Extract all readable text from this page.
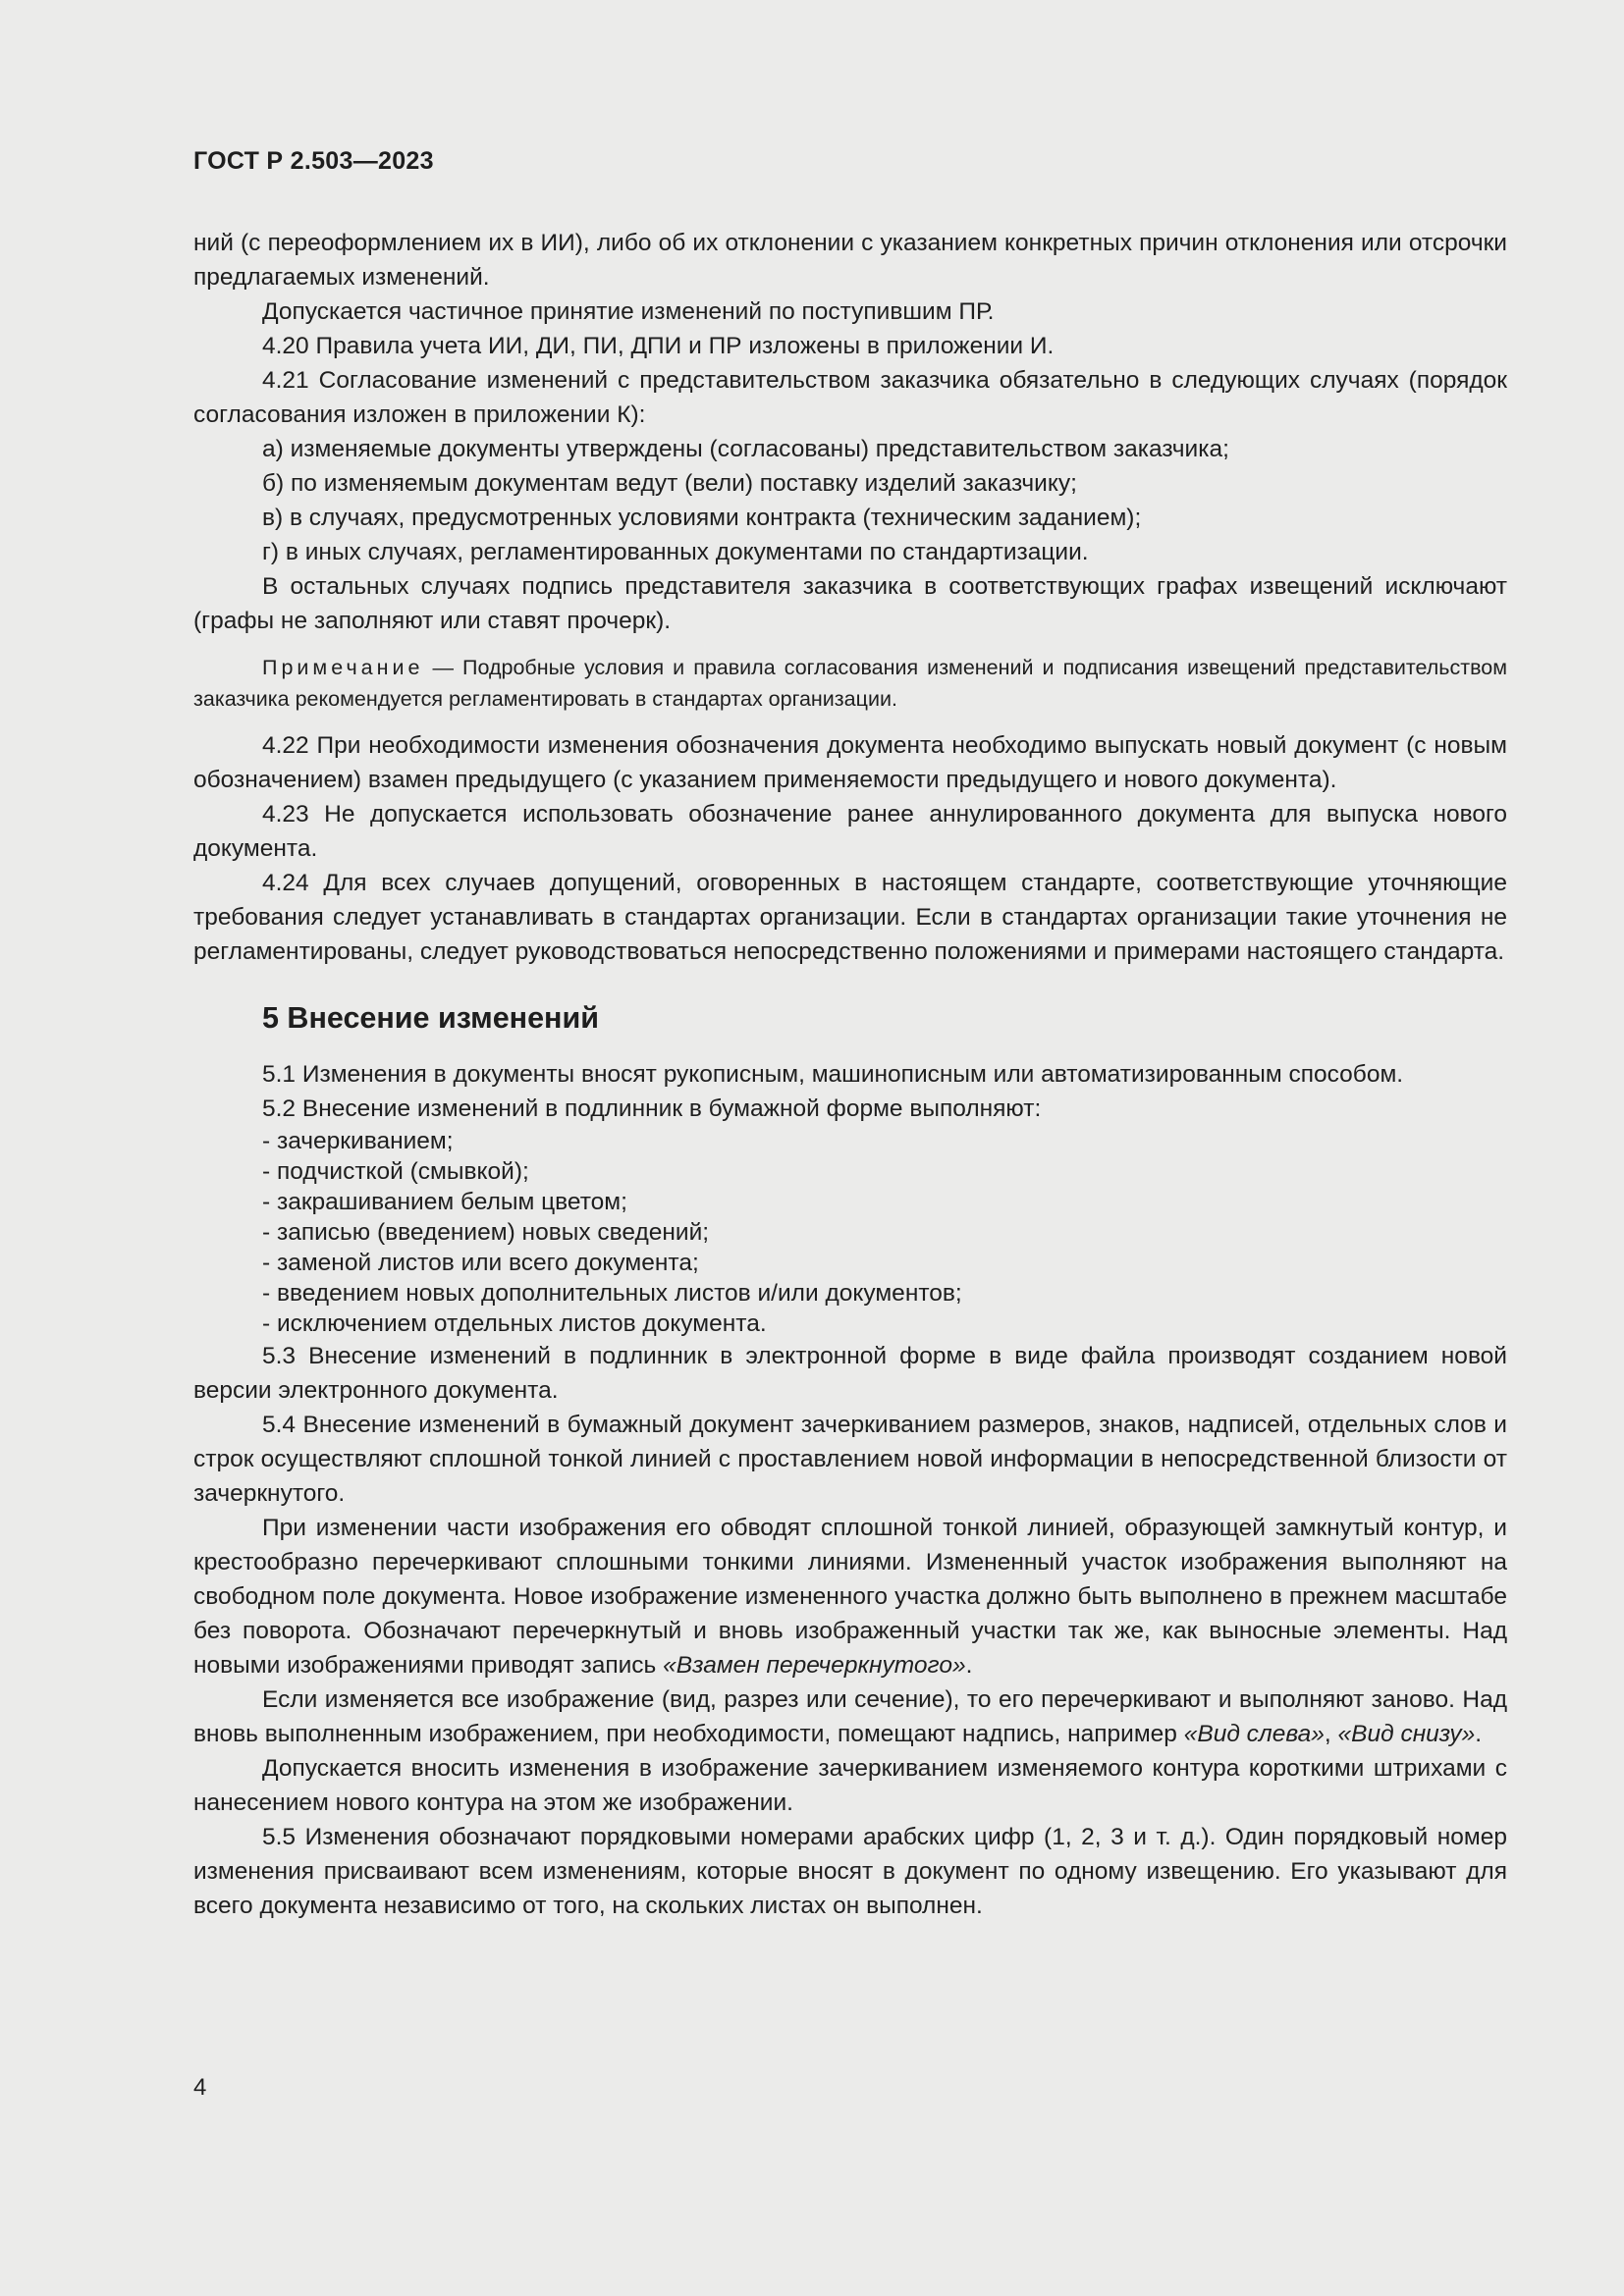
ГОСТ Р 2.503—2023

ний (с переоформлением их в ИИ), либо об их отклонении с указанием конкретных причин отклонения или отсрочки предлагаемых изменений.

Допускается частичное принятие изменений по поступившим ПР.

4.20 Правила учета ИИ, ДИ, ПИ, ДПИ и ПР изложены в приложении И.

4.21 Согласование изменений с представительством заказчика обязательно в следующих случаях (порядок согласования изложен в приложении К):

а) изменяемые документы утверждены (согласованы) представительством заказчика;

б) по изменяемым документам ведут (вели) поставку изделий заказчику;

в) в случаях, предусмотренных условиями контракта (техническим заданием);

г) в иных случаях, регламентированных документами по стандартизации.

В остальных случаях подпись представителя заказчика в соответствующих графах извещений исключают (графы не заполняют или ставят прочерк).

Примечание — Подробные условия и правила согласования изменений и подписания извещений представительством заказчика рекомендуется регламентировать в стандартах организации.

4.22 При необходимости изменения обозначения документа необходимо выпускать новый документ (с новым обозначением) взамен предыдущего (с указанием применяемости предыдущего и нового документа).

4.23 Не допускается использовать обозначение ранее аннулированного документа для выпуска нового документа.

4.24 Для всех случаев допущений, оговоренных в настоящем стандарте, соответствующие уточняющие требования следует устанавливать в стандартах организации. Если в стандартах организации такие уточнения не регламентированы, следует руководствоваться непосредственно положениями и примерами настоящего стандарта.

5 Внесение изменений

5.1 Изменения в документы вносят рукописным, машинописным или автоматизированным способом.

5.2 Внесение изменений в подлинник в бумажной форме выполняют:

- зачеркиванием;

- подчисткой (смывкой);

- закрашиванием белым цветом;

- записью (введением) новых сведений;

- заменой листов или всего документа;

- введением новых дополнительных листов и/или документов;

- исключением отдельных листов документа.

5.3 Внесение изменений в подлинник в электронной форме в виде файла производят созданием новой версии электронного документа.

5.4 Внесение изменений в бумажный документ зачеркиванием размеров, знаков, надписей, отдельных слов и строк осуществляют сплошной тонкой линией с проставлением новой информации в непосредственной близости от зачеркнутого.

При изменении части изображения его обводят сплошной тонкой линией, образующей замкнутый контур, и крестообразно перечеркивают сплошными тонкими линиями. Измененный участок изображения выполняют на свободном поле документа. Новое изображение измененного участка должно быть выполнено в прежнем масштабе без поворота. Обозначают перечеркнутый и вновь изображенный участки так же, как выносные элементы. Над новыми изображениями приводят запись «Взамен перечеркнутого».

Если изменяется все изображение (вид, разрез или сечение), то его перечеркивают и выполняют заново. Над вновь выполненным изображением, при необходимости, помещают надпись, например «Вид слева», «Вид снизу».

Допускается вносить изменения в изображение зачеркиванием изменяемого контура короткими штрихами с нанесением нового контура на этом же изображении.

5.5 Изменения обозначают порядковыми номерами арабских цифр (1, 2, 3 и т. д.). Один порядковый номер изменения присваивают всем изменениям, которые вносят в документ по одному извещению. Его указывают для всего документа независимо от того, на скольких листах он выполнен.

4
